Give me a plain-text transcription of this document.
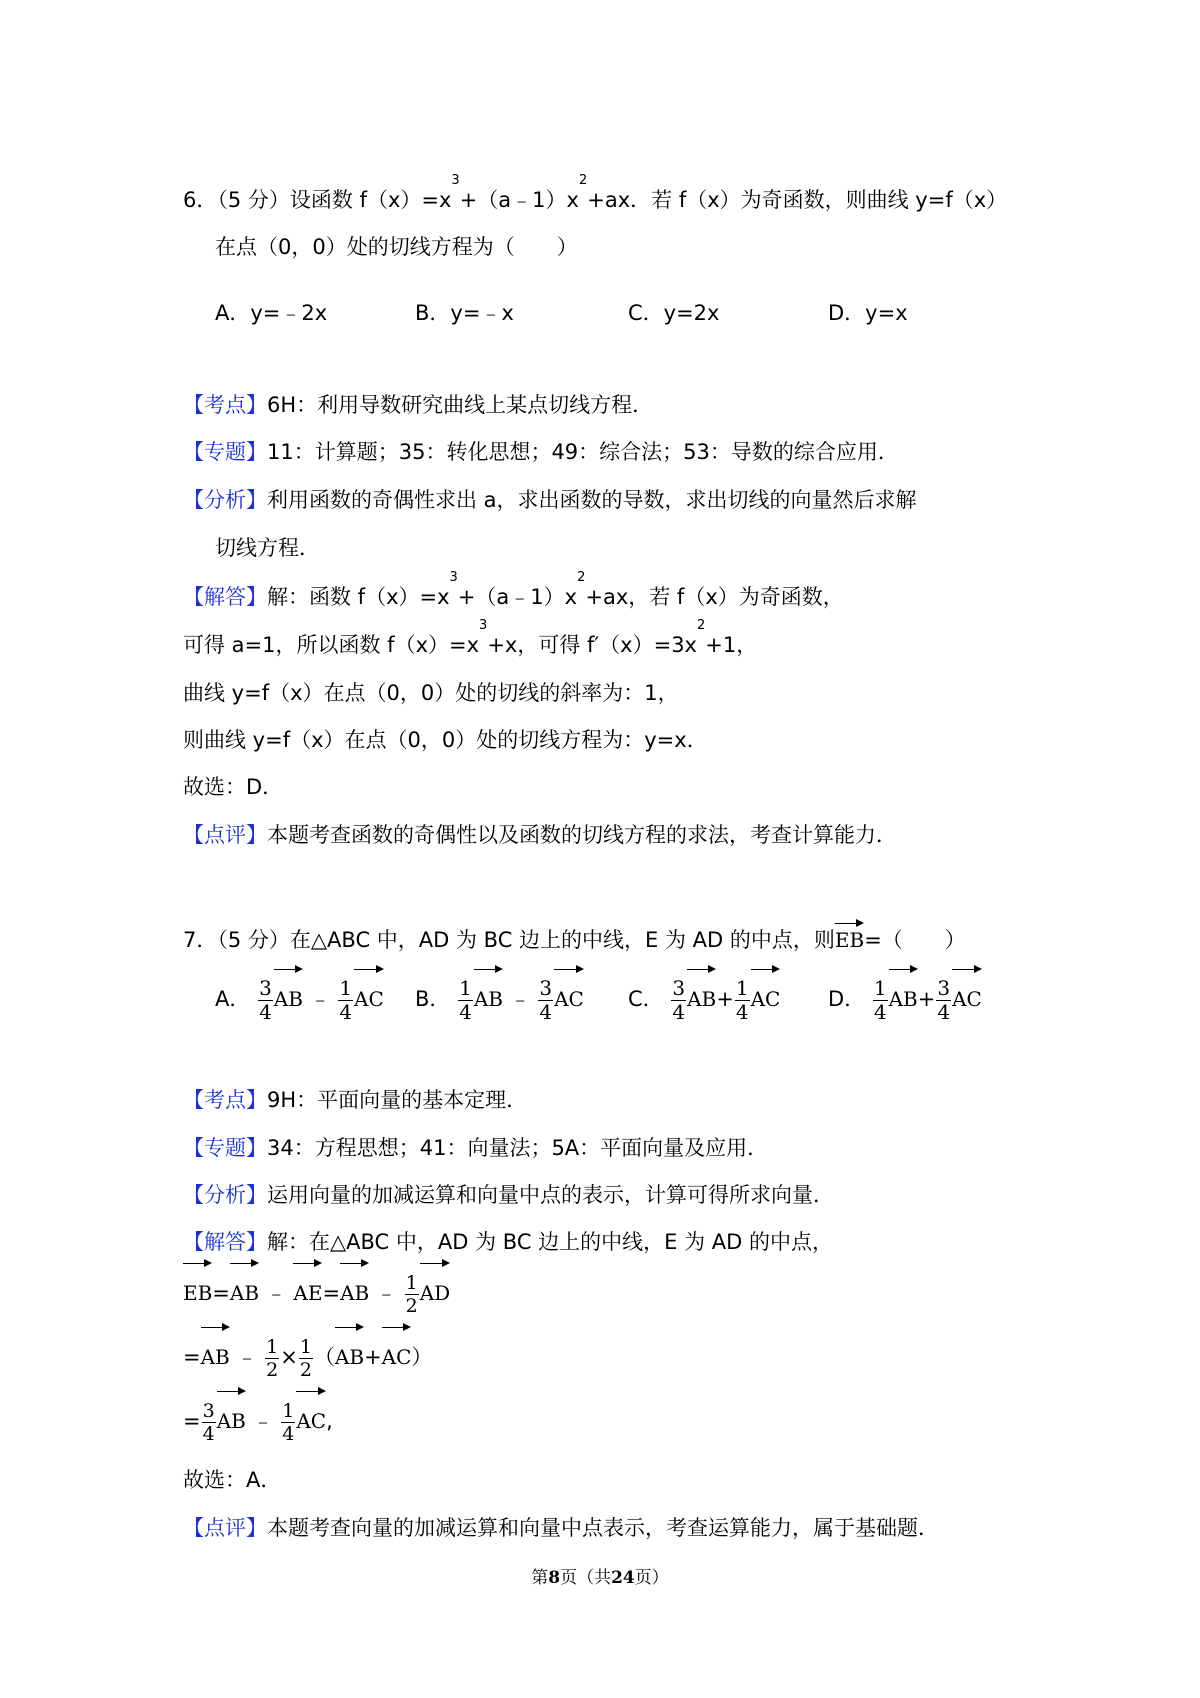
6．（5 分）设函数 $f(x)=x^3+(a﹣1)x^2+ax$．若 f（x）为奇函数，则曲线 y=f（x）
在点（0，0）处的切线方程为（　　）
A．y=﹣2x	B．y=﹣x	C．y=2x	D．y=x
【考点】6H：利用导数研究曲线上某点切线方程．
【专题】11：计算题；35：转化思想；49：综合法；53：导数的综合应用．
【分析】利用函数的奇偶性求出 a，求出函数的导数，求出切线的向量然后求解
切线方程．
【解答】解：函数 $f(x)=x^3+(a﹣1)x^2+ax$，若 f（x）为奇函数，
可得 a=1，所以函数 $f(x)=x^3+x$，可得 $f'(x)=3x^2+1$，
曲线 y=f（x）在点（0，0）处的切线的斜率为：1，
则曲线 y=f（x）在点（0，0）处的切线方程为：y=x．
故选：D．
【点评】本题考查函数的奇偶性以及函数的切线方程的求法，考查计算能力．
7．（5 分）在△ABC 中，AD 为 BC 边上的中线，E 为 AD 的中点，则EB=（　　）
A． $\frac{3}{4}$ AB ﹣ $\frac{1}{4}$ AC B． $\frac{1}{4}$ AB ﹣ $\frac{3}{4}$ AC C． $\frac{3}{4} AB+ \frac{1}{4}$ AC D． $\frac{1}{4} AB+ \frac{3}{4}$ AC
【考点】9H：平面向量的基本定理．
【专题】34：方程思想；41：向量法；5A：平面向量及应用．
【分析】运用向量的加减运算和向量中点的表示，计算可得所求向量．
【解答】解：在△ABC 中，AD 为 BC 边上的中线，E 为 AD 的中点，
EB=AB ﹣ AE=AB ﹣ $\frac{1}{2}$ AD
=AB ﹣ $\frac{1}{2} \times \frac{1}{2} (AB+AC)$
= $\frac{3}{4}$ AB ﹣ $\frac{1}{4}$ AC,
故选：A．
【点评】本题考查向量的加减运算和向量中点表示，考查运算能力，属于基础题．
第8页（共24页）
